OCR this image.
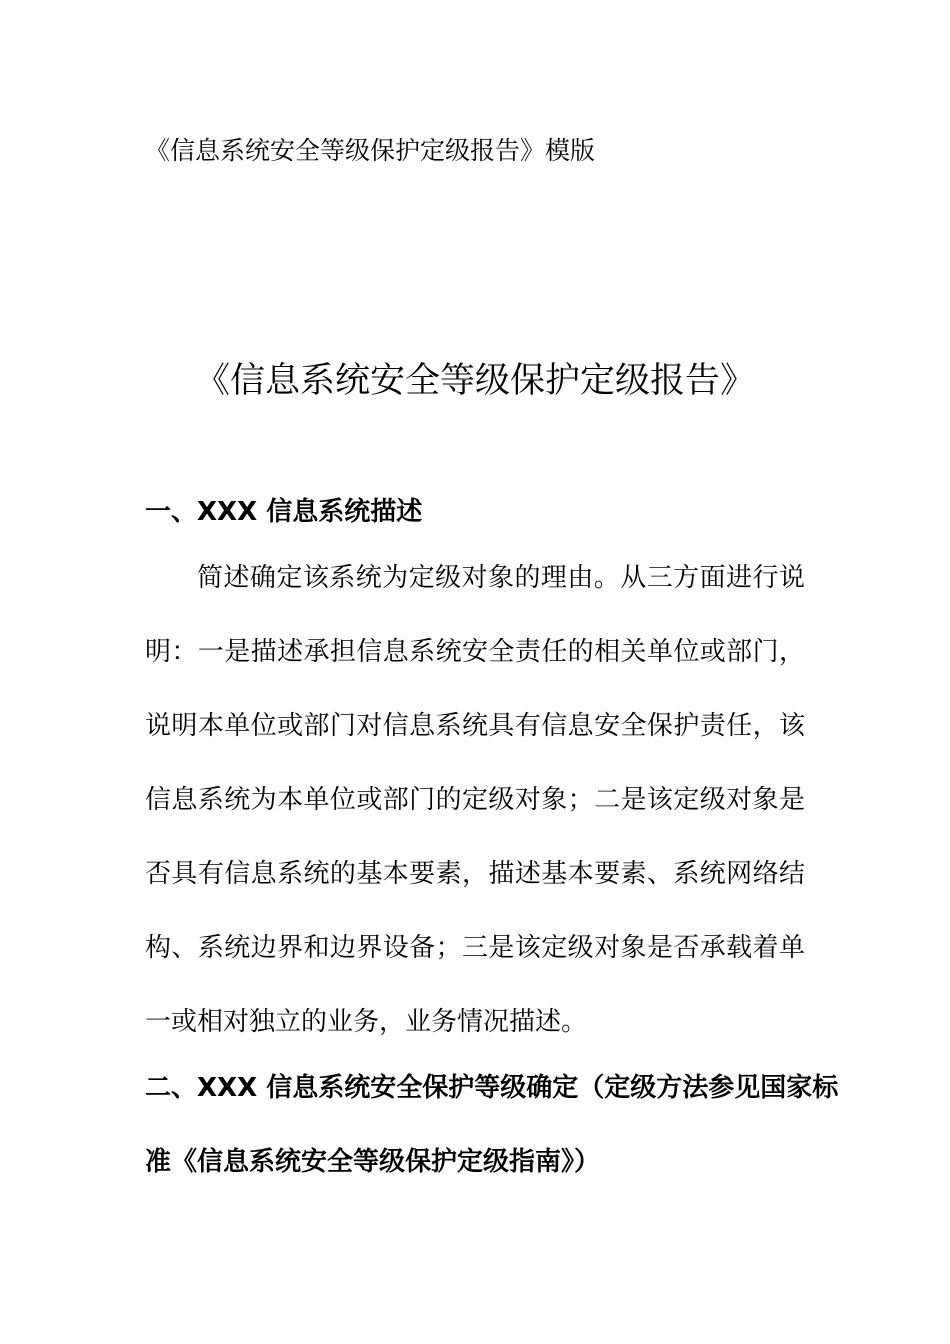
《信息系统安全等级保护定级报告》模版
《信息系统安全等级保护定级报告》
一、XXX 信息系统描述
简述确定该系统为定级对象的理由。从三方面进行说
明：一是描述承担信息系统安全责任的相关单位或部门，
说明本单位或部门对信息系统具有信息安全保护责任，该
信息系统为本单位或部门的定级对象；二是该定级对象是
否具有信息系统的基本要素，描述基本要素、系统网络结
构、系统边界和边界设备；三是该定级对象是否承载着单
一或相对独立的业务，业务情况描述。
二、XXX 信息系统安全保护等级确定（定级方法参见国家标
准《信息系统安全等级保护定级指南》）
